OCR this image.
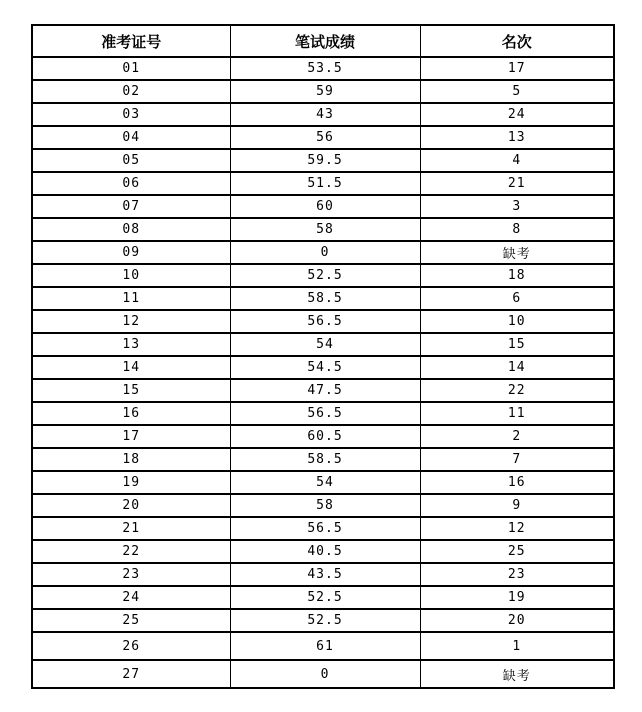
准考证号	笔试成绩	名次
01	53.5	17
02	59	5
03	43	24
04	56	13
05	59.5	4
06	51.5	21
07	60	3
08	58	8
09	0	缺考
10	52.5	18
11	58.5	6
12	56.5	10
13	54	15
14	54.5	14
15	47.5	22
16	56.5	11
17	60.5	2
18	58.5	7
19	54	16
20	58	9
21	56.5	12
22	40.5	25
23	43.5	23
24	52.5	19
25	52.5	20
26	61	1
27	0	缺考
